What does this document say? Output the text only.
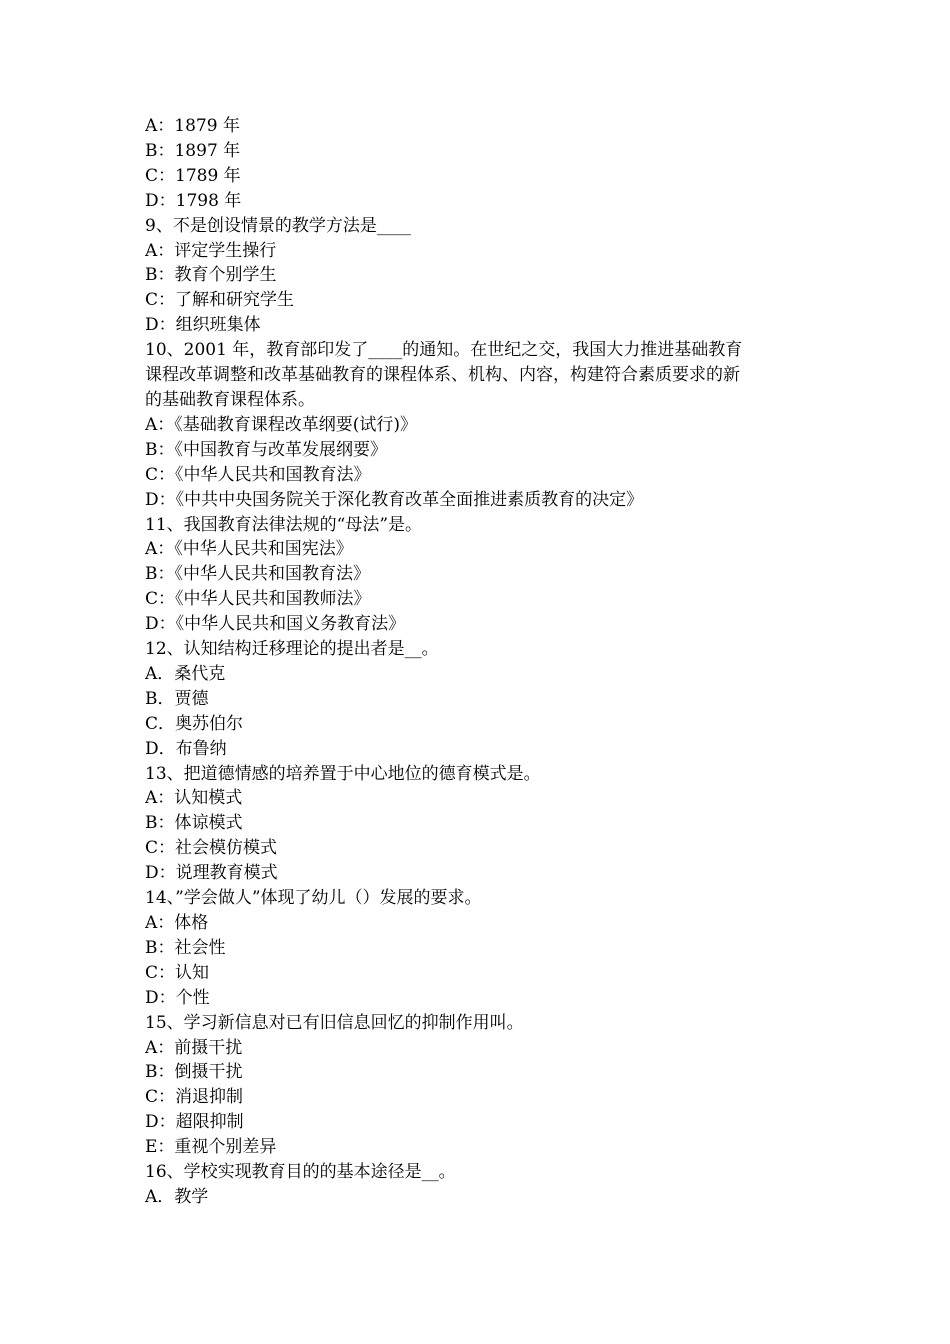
A：1879 年
B：1897 年
C：1789 年
D：1798 年
9、不是创设情景的教学方法是____
A：评定学生操行
B：教育个别学生
C：了解和研究学生
D：组织班集体
10、2001 年，教育部印发了____的通知。在世纪之交，我国大力推进基础教育
课程改革调整和改革基础教育的课程体系、机构、内容，构建符合素质要求的新
的基础教育课程体系。
A：《基础教育课程改革纲要(试行)》
B：《中国教育与改革发展纲要》
C：《中华人民共和国教育法》
D：《中共中央国务院关于深化教育改革全面推进素质教育的决定》
11、我国教育法律法规的“母法”是。
A：《中华人民共和国宪法》
B：《中华人民共和国教育法》
C：《中华人民共和国教师法》
D：《中华人民共和国义务教育法》
12、认知结构迁移理论的提出者是__。
A．桑代克
B．贾德
C．奥苏伯尔
D．布鲁纳
13、把道德情感的培养置于中心地位的德育模式是。
A：认知模式
B：体谅模式
C：社会模仿模式
D：说理教育模式
14、”学会做人”体现了幼儿（）发展的要求。
A：体格
B：社会性
C：认知
D：个性
15、学习新信息对已有旧信息回忆的抑制作用叫。
A：前摄干扰
B：倒摄干扰
C：消退抑制
D：超限抑制
E：重视个别差异
16、学校实现教育目的的基本途径是__。
A．教学
